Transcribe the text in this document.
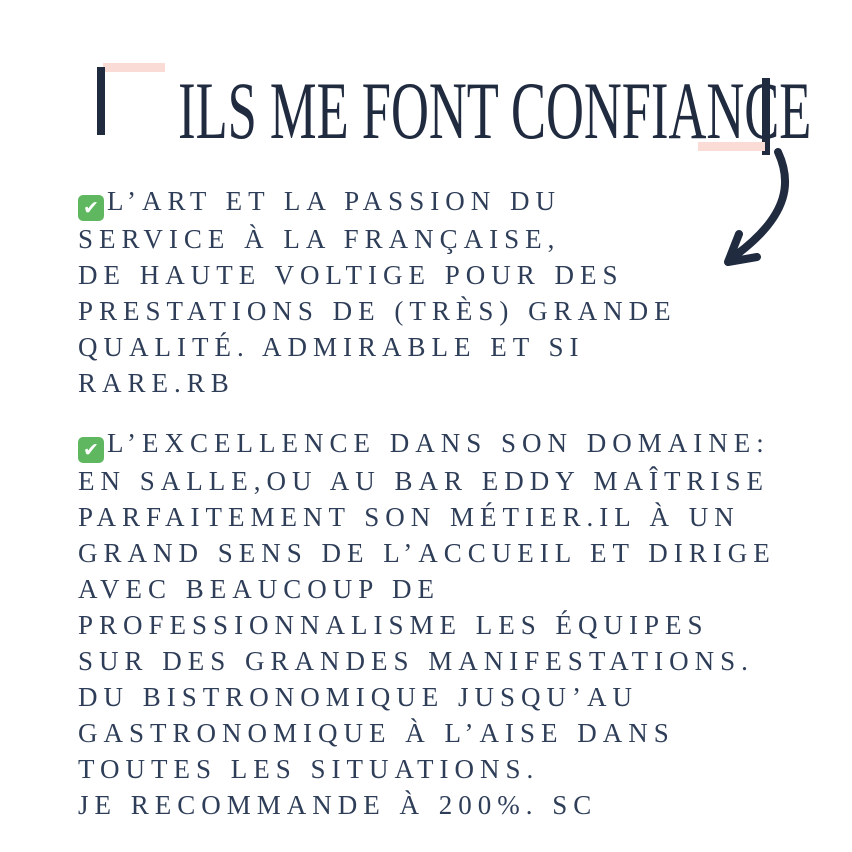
ILS ME FONT CONFIANCE
✔ L’ART ET LA PASSION DU
SERVICE À LA FRANÇAISE,
DE HAUTE VOLTIGE POUR DES
PRESTATIONS DE (TRÈS) GRANDE
QUALITÉ. ADMIRABLE ET SI
RARE.RB
✔ L’EXCELLENCE DANS SON DOMAINE:
EN SALLE,OU AU BAR EDDY MAÎTRISE
PARFAITEMENT SON MÉTIER.IL À UN
GRAND SENS DE L’ACCUEIL ET DIRIGE
AVEC BEAUCOUP DE
PROFESSIONNALISME LES ÉQUIPES
SUR DES GRANDES MANIFESTATIONS.
DU BISTRONOMIQUE JUSQU’AU
GASTRONOMIQUE À L’AISE DANS
TOUTES LES SITUATIONS.
JE RECOMMANDE À 200%. SC
